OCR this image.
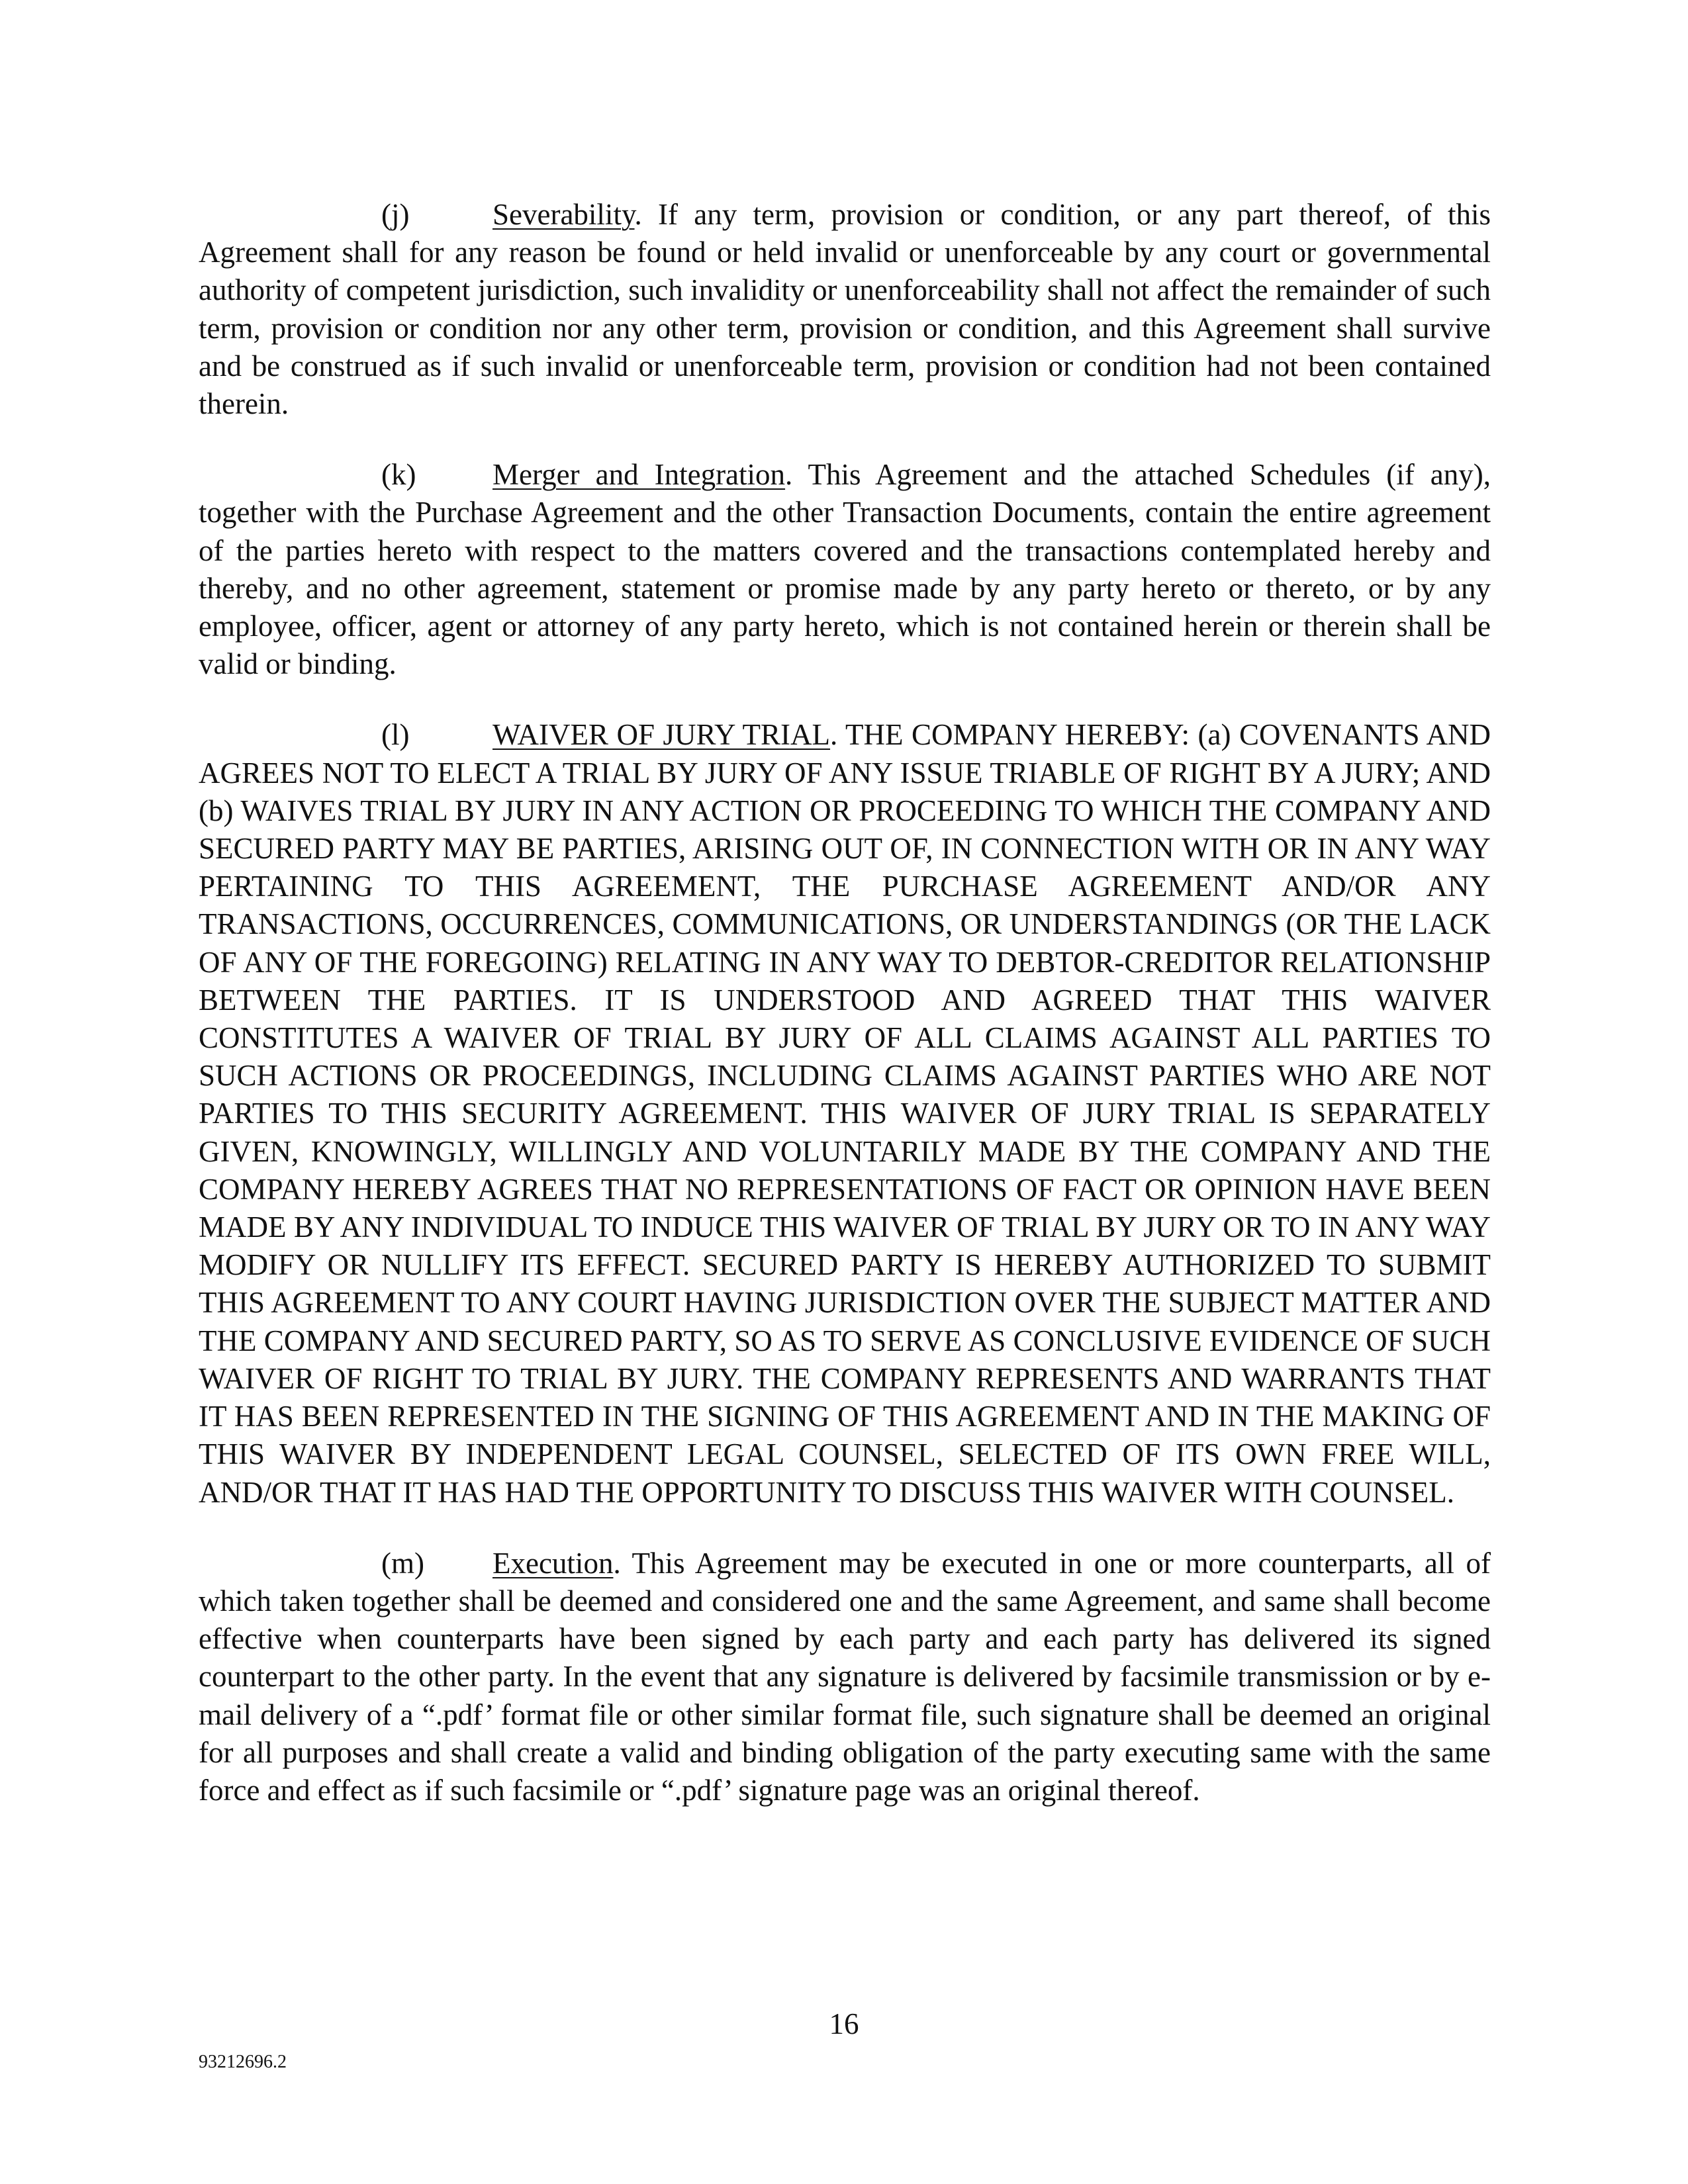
(j)	Severability. If any term, provision or condition, or any part thereof, of this Agreement shall for any reason be found or held invalid or unenforceable by any court or governmental authority of competent jurisdiction, such invalidity or unenforceability shall not affect the remainder of such term, provision or condition nor any other term, provision or condition, and this Agreement shall survive and be construed as if such invalid or unenforceable term, provision or condition had not been contained therein.

(k)	Merger and Integration. This Agreement and the attached Schedules (if any), together with the Purchase Agreement and the other Transaction Documents, contain the entire agreement of the parties hereto with respect to the matters covered and the transactions contemplated hereby and thereby, and no other agreement, statement or promise made by any party hereto or thereto, or by any employee, officer, agent or attorney of any party hereto, which is not contained herein or therein shall be valid or binding.

(l)	WAIVER OF JURY TRIAL. THE COMPANY HEREBY: (a) COVENANTS AND AGREES NOT TO ELECT A TRIAL BY JURY OF ANY ISSUE TRIABLE OF RIGHT BY A JURY; AND (b) WAIVES TRIAL BY JURY IN ANY ACTION OR PROCEEDING TO WHICH THE COMPANY AND SECURED PARTY MAY BE PARTIES, ARISING OUT OF, IN CONNECTION WITH OR IN ANY WAY PERTAINING TO THIS AGREEMENT, THE PURCHASE AGREEMENT AND/OR ANY TRANSACTIONS, OCCURRENCES, COMMUNICATIONS, OR UNDERSTANDINGS (OR THE LACK OF ANY OF THE FOREGOING) RELATING IN ANY WAY TO DEBTOR-CREDITOR RELATIONSHIP BETWEEN THE PARTIES. IT IS UNDERSTOOD AND AGREED THAT THIS WAIVER CONSTITUTES A WAIVER OF TRIAL BY JURY OF ALL CLAIMS AGAINST ALL PARTIES TO SUCH ACTIONS OR PROCEEDINGS, INCLUDING CLAIMS AGAINST PARTIES WHO ARE NOT PARTIES TO THIS SECURITY AGREEMENT. THIS WAIVER OF JURY TRIAL IS SEPARATELY GIVEN, KNOWINGLY, WILLINGLY AND VOLUNTARILY MADE BY THE COMPANY AND THE COMPANY HEREBY AGREES THAT NO REPRESENTATIONS OF FACT OR OPINION HAVE BEEN MADE BY ANY INDIVIDUAL TO INDUCE THIS WAIVER OF TRIAL BY JURY OR TO IN ANY WAY MODIFY OR NULLIFY ITS EFFECT. SECURED PARTY IS HEREBY AUTHORIZED TO SUBMIT THIS AGREEMENT TO ANY COURT HAVING JURISDICTION OVER THE SUBJECT MATTER AND THE COMPANY AND SECURED PARTY, SO AS TO SERVE AS CONCLUSIVE EVIDENCE OF SUCH WAIVER OF RIGHT TO TRIAL BY JURY. THE COMPANY REPRESENTS AND WARRANTS THAT IT HAS BEEN REPRESENTED IN THE SIGNING OF THIS AGREEMENT AND IN THE MAKING OF THIS WAIVER BY INDEPENDENT LEGAL COUNSEL, SELECTED OF ITS OWN FREE WILL, AND/OR THAT IT HAS HAD THE OPPORTUNITY TO DISCUSS THIS WAIVER WITH COUNSEL.

(m) Execution. This Agreement may be executed in one or more counterparts, all of which taken together shall be deemed and considered one and the same Agreement, and same shall become effective when counterparts have been signed by each party and each party has delivered its signed counterpart to the other party. In the event that any signature is delivered by facsimile transmission or by e-mail delivery of a “.pdf’ format file or other similar format file, such signature shall be deemed an original for all purposes and shall create a valid and binding obligation of the party executing same with the same force and effect as if such facsimile or “.pdf’ signature page was an original thereof.

16
93212696.2
